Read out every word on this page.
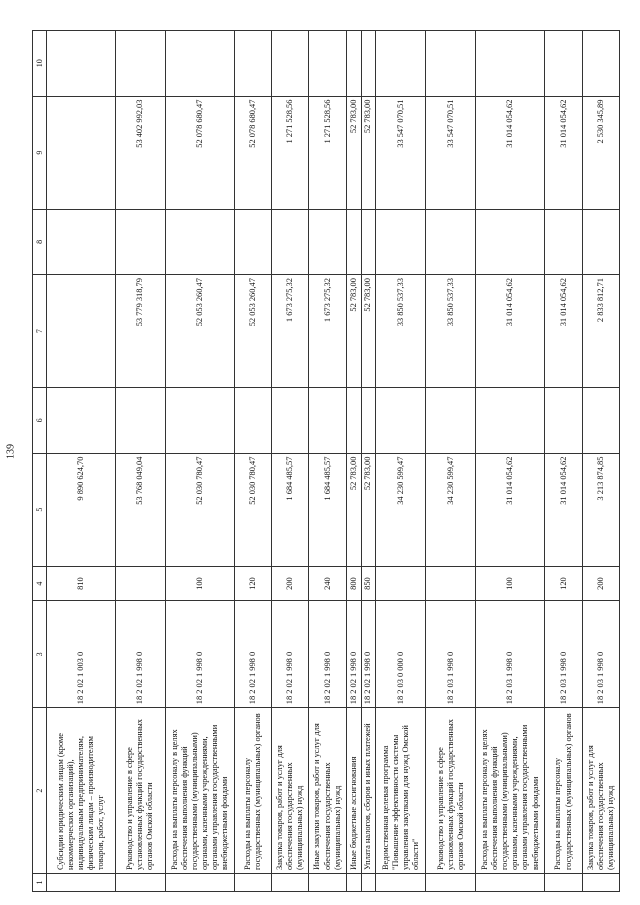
139
1	2	3	4	5	6	7	8	9	10
	Субсидии юридическим лицам (кроме некоммерческих организаций), индивидуальным предпринимателям, физическим лицам – производителям товаров, работ, услуг	18 2 02 1 003 0	810	9 890 624,70					
	Руководство и управление в сфере установленных функций государственных органов Омской области	18 2 02 1 998 0		53 768 049,04		53 779 318,79		53 402 992,03	
	Расходы на выплаты персоналу в целях обеспечения выполнения функций государственными (муниципальными) органами, казенными учреждениями, органами управления государственными внебюджетными фондами	18 2 02 1 998 0	100	52 030 780,47		52 053 260,47		52 078 680,47	
	Расходы на выплаты персоналу государственных (муниципальных) органов	18 2 02 1 998 0	120	52 030 780,47		52 053 260,47		52 078 680,47	
	Закупка товаров, работ и услуг для обеспечения государственных (муниципальных) нужд	18 2 02 1 998 0	200	1 684 485,57		1 673 275,32		1 271 528,56	
	Иные закупки товаров, работ и услуг для обеспечения государственных (муниципальных) нужд	18 2 02 1 998 0	240	1 684 485,57		1 673 275,32		1 271 528,56	
	Иные бюджетные ассигнования	18 2 02 1 998 0	800	52 783,00		52 783,00		52 783,00	
	Уплата налогов, сборов и иных платежей	18 2 02 1 998 0	850	52 783,00		52 783,00		52 783,00	
	Ведомственная целевая программа "Повышение эффективности системы управления закупками для нужд Омской области"	18 2 03 0 000 0		34 230 599,47		33 850 537,33		33 547 070,51	
	Руководство и управление в сфере установленных функций государственных органов Омской области	18 2 03 1 998 0		34 230 599,47		33 850 537,33		33 547 070,51	
	Расходы на выплаты персоналу в целях обеспечения выполнения функций государственными (муниципальными) органами, казенными учреждениями, органами управления государственными внебюджетными фондами	18 2 03 1 998 0	100	31 014 054,62		31 014 054,62		31 014 054,62	
	Расходы на выплаты персоналу государственных (муниципальных) органов	18 2 03 1 998 0	120	31 014 054,62		31 014 054,62		31 014 054,62	
	Закупка товаров, работ и услуг для обеспечения государственных (муниципальных) нужд	18 2 03 1 998 0	200	3 213 874,85		2 833 812,71		2 530 345,89	
